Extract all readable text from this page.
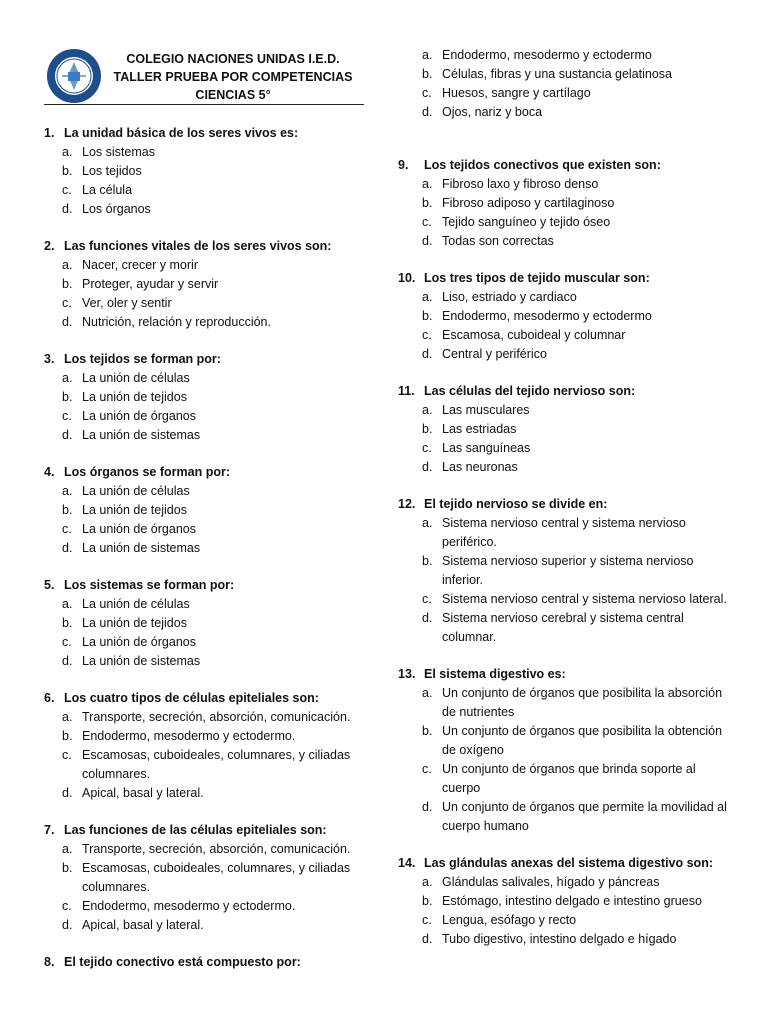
COLEGIO NACIONES UNIDAS I.E.D.
TALLER PRUEBA POR COMPETENCIAS
CIENCIAS 5°
1. La unidad básica de los seres vivos es:
a. Los sistemas
b. Los tejidos
c. La célula
d. Los órganos
2. Las funciones vitales de los seres vivos son:
a. Nacer, crecer y morir
b. Proteger, ayudar y servir
c. Ver, oler y sentir
d. Nutrición, relación y reproducción.
3. Los tejidos se forman por:
a. La unión de células
b. La unión de tejidos
c. La unión de órganos
d. La unión de sistemas
4. Los órganos se forman por:
a. La unión de células
b. La unión de tejidos
c. La unión de órganos
d. La unión de sistemas
5. Los sistemas se forman por:
a. La unión de células
b. La unión de tejidos
c. La unión de órganos
d. La unión de sistemas
6. Los cuatro tipos de células epiteliales son:
a. Transporte, secreción, absorción, comunicación.
b. Endodermo, mesodermo y ectodermo.
c. Escamosas, cuboideales, columnares, y ciliadas columnares.
d. Apical, basal y lateral.
7. Las funciones de las células epiteliales son:
a. Transporte, secreción, absorción, comunicación.
b. Escamosas, cuboideales, columnares, y ciliadas columnares.
c. Endodermo, mesodermo y ectodermo.
d. Apical, basal y lateral.
8. El tejido conectivo está compuesto por:
a. Endodermo, mesodermo y ectodermo
b. Células, fibras y una sustancia gelatinosa
c. Huesos, sangre y cartílago
d. Ojos, nariz y boca
9.	Los tejidos conectivos que existen son:
a. Fibroso laxo y fibroso denso
b. Fibroso adiposo y cartilaginoso
c. Tejido sanguíneo y tejido óseo
d. Todas son correctas
10. Los tres tipos de tejido muscular son:
a. Liso, estriado y cardiaco
b. Endodermo, mesodermo y ectodermo
c. Escamosa, cuboideal y columnar
d. Central y periférico
11. Las células del tejido nervioso son:
a. Las musculares
b. Las estriadas
c. Las sanguíneas
d. Las neuronas
12. El tejido nervioso se divide en:
a. Sistema nervioso central y sistema nervioso periférico.
b. Sistema nervioso superior y sistema nervioso inferior.
c. Sistema nervioso central y sistema nervioso lateral.
d. Sistema nervioso cerebral y sistema central columnar.
13. El sistema digestivo es:
a. Un conjunto de órganos que posibilita la absorción de nutrientes
b. Un conjunto de órganos que posibilita la obtención de oxígeno
c. Un conjunto de órganos que brinda soporte al cuerpo
d. Un conjunto de órganos que permite la movilidad al cuerpo humano
14. Las glándulas anexas del sistema digestivo son:
a. Glándulas salivales, hígado y páncreas
b. Estómago, intestino delgado e intestino grueso
c. Lengua, esófago y recto
d. Tubo digestivo, intestino delgado e hígado
